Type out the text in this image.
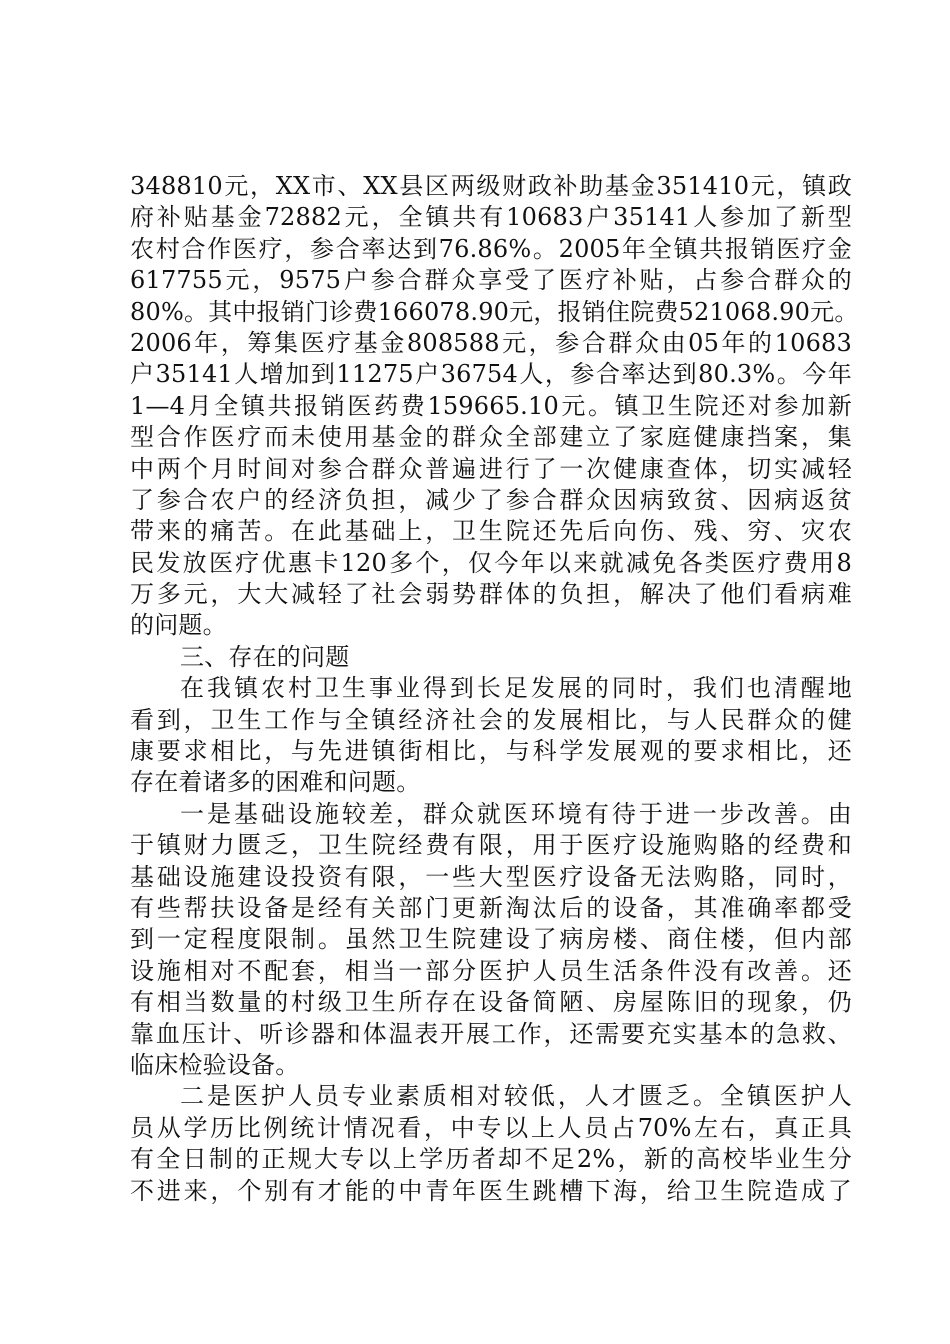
348810元，XX市、XX县区两级财政补助基金351410元，镇政
府补贴基金72882元，全镇共有10683户35141人参加了新型
农村合作医疗，参合率达到76.86%。2005年全镇共报销医疗金
617755元，9575户参合群众享受了医疗补贴，占参合群众的
80%。其中报销门诊费166078.90元，报销住院费521068.90元。
2006年，筹集医疗基金808588元，参合群众由05年的10683
户35141人增加到11275户36754人，参合率达到80.3%。今年
1—4月全镇共报销医药费159665.10元。镇卫生院还对参加新
型合作医疗而未使用基金的群众全部建立了家庭健康挡案，集
中两个月时间对参合群众普遍进行了一次健康查体，切实减轻
了参合农户的经济负担，减少了参合群众因病致贫、因病返贫
带来的痛苦。在此基础上，卫生院还先后向伤、残、穷、灾农
民发放医疗优惠卡120多个，仅今年以来就减免各类医疗费用8
万多元，大大减轻了社会弱势群体的负担，解决了他们看病难
的问题。
三、存在的问题
在我镇农村卫生事业得到长足发展的同时，我们也清醒地
看到，卫生工作与全镇经济社会的发展相比，与人民群众的健
康要求相比，与先进镇街相比，与科学发展观的要求相比，还
存在着诸多的困难和问题。
一是基础设施较差，群众就医环境有待于进一步改善。由
于镇财力匮乏，卫生院经费有限，用于医疗设施购賂的经费和
基础设施建设投资有限，一些大型医疗设备无法购賂，同时，
有些帮扶设备是经有关部门更新淘汰后的设备，其准确率都受
到一定程度限制。虽然卫生院建设了病房楼、商住楼，但内部
设施相对不配套，相当一部分医护人员生活条件没有改善。还
有相当数量的村级卫生所存在设备简陋、房屋陈旧的现象，仍
靠血压计、听诊器和体温表开展工作，还需要充实基本的急救、
临床检验设备。
二是医护人员专业素质相对较低，人才匮乏。全镇医护人
员从学历比例统计情况看，中专以上人员占70%左右，真正具
有全日制的正规大专以上学历者却不足2%，新的高校毕业生分
不进来，个别有才能的中青年医生跳槽下海，给卫生院造成了
